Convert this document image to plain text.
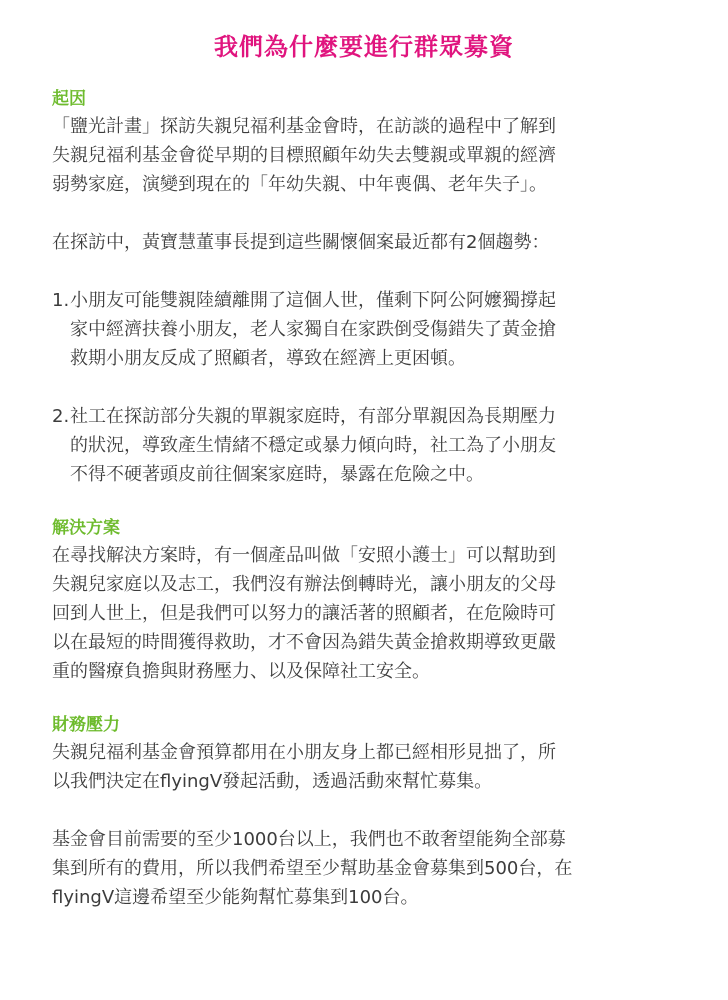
我們為什麼要進行群眾募資
起因

「鹽光計畫」探訪失親兒福利基金會時，在訪談的過程中了解到
失親兒福利基金會從早期的目標照顧年幼失去雙親或單親的經濟
弱勢家庭，演變到現在的「年幼失親、中年喪偶、老年失子」。

在探訪中，黃寶慧董事長提到這些關懷個案最近都有2個趨勢：

1. 小朋友可能雙親陸續離開了這個人世，僅剩下阿公阿嬤獨撐起
家中經濟扶養小朋友，老人家獨自在家跌倒受傷錯失了黃金搶
救期小朋友反成了照顧者，導致在經濟上更困頓。
2. 社工在探訪部分失親的單親家庭時，有部分單親因為長期壓力
的狀況，導致產生情緒不穩定或暴力傾向時，社工為了小朋友
不得不硬著頭皮前往個案家庭時，暴露在危險之中。
解決方案

在尋找解決方案時，有一個產品叫做「安照小護士」可以幫助到
失親兒家庭以及志工，我們沒有辦法倒轉時光，讓小朋友的父母
回到人世上，但是我們可以努力的讓活著的照顧者，在危險時可
以在最短的時間獲得救助，才不會因為錯失黃金搶救期導致更嚴
重的醫療負擔與財務壓力、以及保障社工安全。

財務壓力

失親兒福利基金會預算都用在小朋友身上都已經相形見拙了，所
以我們決定在flyingV發起活動，透過活動來幫忙募集。

基金會目前需要的至少1000台以上，我們也不敢奢望能夠全部募
集到所有的費用，所以我們希望至少幫助基金會募集到500台，在
flyingV這邊希望至少能夠幫忙募集到100台。
